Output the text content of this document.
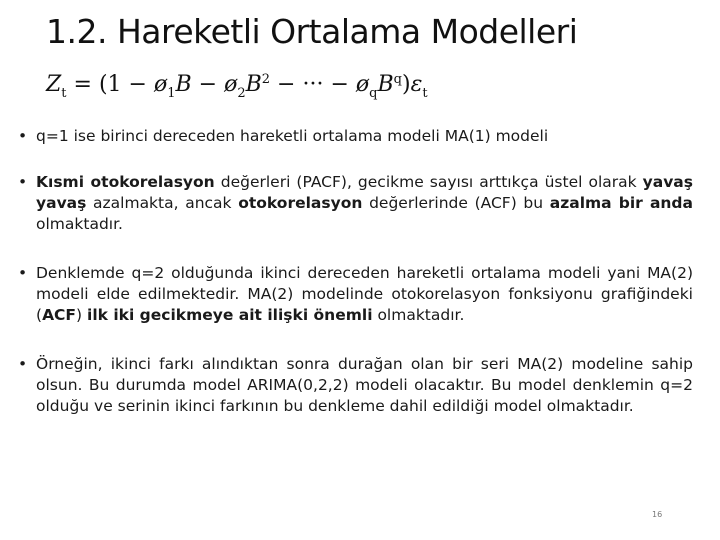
1.2. Hareketli Ortalama Modelleri
$Z_t = (1$ − $ø_1B$ − $ø_2B^2$ − ··· − $ø_qB^q)\varepsilon_t$

• q=1 ise birinci dereceden hareketli ortalama modeli MA(1) modeli

• Kısmi otokorelasyon değerleri (PACF), gecikme sayısı arttıkça üstel olarak yavaş yavaş azalmakta, ancak otokorelasyon değerlerinde (ACF) bu azalma bir anda olmaktadır.

• Denklemde q=2 olduğunda ikinci dereceden hareketli ortalama modeli yani MA(2) modeli elde edilmektedir. MA(2) modelinde otokorelasyon fonksiyonu grafiğindeki (ACF) ilk iki gecikmeye ait ilişki önemli olmaktadır.

• Örneğin, ikinci farkı alındıktan sonra durağan olan bir seri MA(2) modeline sahip olsun. Bu durumda model ARIMA(0,2,2) modeli olacaktır. Bu model denklemin q=2 olduğu ve serinin ikinci farkının bu denkleme dahil edildiği model olmaktadır.

16
